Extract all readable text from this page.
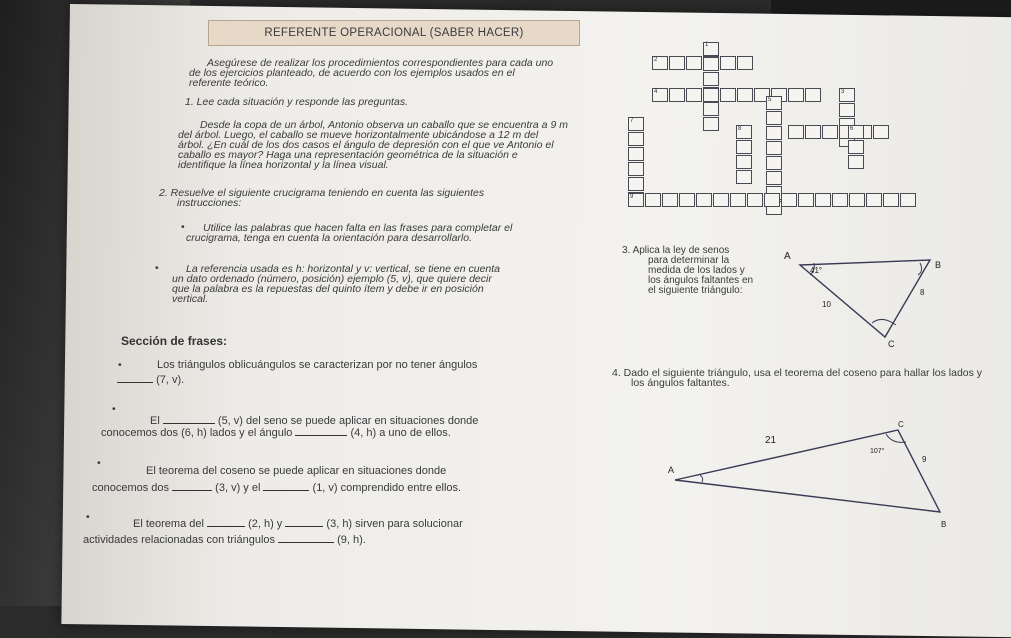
REFERENTE OPERACIONAL (SABER HACER)
Asegúrese de realizar los procedimientos correspondientes para cada uno
de los ejercicios planteado, de acuerdo con los ejemplos usados en el
referente teórico.
1. Lee cada situación y responde las preguntas.
Desde la copa de un árbol, Antonio observa un caballo que se encuentra a 9 m
del árbol. Luego, el caballo se mueve horizontalmente ubicándose a 12 m del
árbol. ¿En cuál de los dos casos el ángulo de depresión con el que ve Antonio el
caballo es mayor? Haga una representación geométrica de la situación e
identifique la línea horizontal y la línea visual.
2. Resuelve el siguiente crucigrama teniendo en cuenta las siguientes
instrucciones:
• Utilice las palabras que hacen falta en las frases para completar el
crucigrama, tenga en cuenta la orientación para desarrollarlo.
•	La referencia usada es h: horizontal y v: vertical, se tiene en cuenta
un dato ordenado (número, posición) ejemplo (5, v), que quiere decir
que la palabra es la repuestas del quinto ítem y debe ir en posición
vertical.
Sección de frases:
•	Los triángulos oblicuángulos se caracterizan por no tener ángulos
(7, v).
•
El	(5, v) del seno se puede aplicar en situaciones donde
conocemos dos (6, h) lados y el ángulo	(4, h) a uno de ellos.
•
El teorema del coseno se puede aplicar en situaciones donde
conocemos dos	(3, v) y el	(1, v) comprendido entre ellos.
•
El teorema del	(2, h) y	(3, h) sirven para solucionar
actividades relacionadas con triángulos	(9, h).
1
2
3
4
5
6
7
8
9
3. Aplica la ley de senos
para determinar la
medida de los lados y
los ángulos faltantes en
el siguiente triángulo:
A
B
C
41°
8
10
4. Dado el siguiente triángulo, usa el teorema del coseno para hallar los lados y
los ángulos faltantes.
A
C
B
21
9
107°
